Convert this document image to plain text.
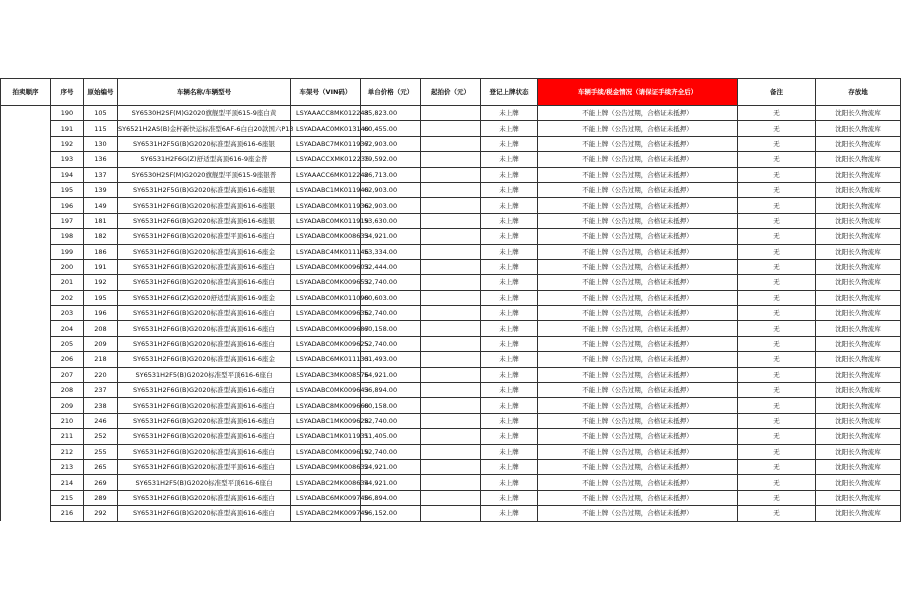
拍卖顺序	序号	原始编号	车辆名称/车辆型号	车架号（VIN码）	单台价格（元）	起拍价（元）	登记上牌状态	车辆手续/税金情况（请保证手续齐全后）	备注	存放地
	190	105	SY6530H2SF(M)G2020旗舰型平顶615-9座白黄	LSYAAACC8MK012243	85,823.00		未上牌	不能上牌（公告过期，合格证未抵押）	无	沈阳长久物流库
	191	115	SY6521H2AS(B)金杯新快运标准型6AF-6白白20款国六P13	LSYADAAC0MK013140	60,455.00		未上牌	不能上牌（公告过期，合格证未抵押）	无	沈阳长久物流库
	192	130	SY6531H2F5G(B)G2020标准型高顶616-6座银	LSYADABC7MK011937	62,903.00		未上牌	不能上牌（公告过期，合格证未抵押）	无	沈阳长久物流库
	193	136	SY6531H2F6G(Z)舒适型高顶616-9座金普	LSYADACCXMK012235	79,592.00		未上牌	不能上牌（公告过期，合格证未抵押）	无	沈阳长久物流库
	194	137	SY6530H2SF(M)G2020旗舰型平顶615-9座银普	LSYAAACC6MK012242	86,713.00		未上牌	不能上牌（公告过期，合格证未抵押）	无	沈阳长久物流库
	195	139	SY6531H2F5G(B)G2020标准型高顶616-6座银	LSYADABC1MK011940	62,903.00		未上牌	不能上牌（公告过期，合格证未抵押）	无	沈阳长久物流库
	196	149	SY6531H2F6G(B)G2020标准型高顶616-6座银	LSYADABC0MK011936	62,903.00		未上牌	不能上牌（公告过期，合格证未抵押）	无	沈阳长久物流库
	197	181	SY6531H2F6G(B)G2020标准型高顶616-6座银	LSYADABC0MK011919	53,630.00		未上牌	不能上牌（公告过期，合格证未抵押）	无	沈阳长久物流库
	198	182	SY6531H2F6G(B)G2020标准型平顶616-6座白	LSYADABC0MK008633	54,921.00		未上牌	不能上牌（公告过期，合格证未抵押）	无	沈阳长久物流库
	199	186	SY6531H2F6G(B)G2020标准型高顶616-6座金	LSYADABC4MK011146	53,334.00		未上牌	不能上牌（公告过期，合格证未抵押）	无	沈阳长久物流库
	200	191	SY6531H2F6G(B)G2020标准型高顶616-6座白	LSYADABC0MK009603	52,444.00		未上牌	不能上牌（公告过期，合格证未抵押）	无	沈阳长久物流库
	201	192	SY6531H2F6G(B)G2020标准型高顶616-6座白	LSYADABC0MK009653	52,740.00		未上牌	不能上牌（公告过期，合格证未抵押）	无	沈阳长久物流库
	202	195	SY6531H2F6G(Z)G2020舒适型高顶616-9座金	LSYADABC0MK011090	60,603.00		未上牌	不能上牌（公告过期，合格证未抵押）	无	沈阳长久物流库
	203	196	SY6531H2F6G(B)G2020标准型高顶616-6座白	LSYADABC0MK009636	52,740.00		未上牌	不能上牌（公告过期，合格证未抵押）	无	沈阳长久物流库
	204	208	SY6531H2F6G(B)G2020标准型高顶616-6座白	LSYADABC0MK009687	60,158.00		未上牌	不能上牌（公告过期，合格证未抵押）	无	沈阳长久物流库
	205	209	SY6531H2F6G(B)G2020标准型高顶616-6座白	LSYADABC0MK009625	52,740.00		未上牌	不能上牌（公告过期，合格证未抵押）	无	沈阳长久物流库
	206	218	SY6531H2F6G(B)G2020标准型高顶616-6座金	LSYADABC6MK011133	61,493.00		未上牌	不能上牌（公告过期，合格证未抵押）	无	沈阳长久物流库
	207	220	SY6531H2F5(B)G2020标准型平顶616-6座白	LSYADABC3MK008576	54,921.00		未上牌	不能上牌（公告过期，合格证未抵押）	无	沈阳长久物流库
	208	237	SY6531H2F6G(B)G2020标准型高顶616-6座白	LSYADABC0MK009643	56,894.00		未上牌	不能上牌（公告过期，合格证未抵押）	无	沈阳长久物流库
	209	238	SY6531H2F6G(B)G2020标准型高顶616-6座白	LSYADABC8MK009660	60,158.00		未上牌	不能上牌（公告过期，合格证未抵押）	无	沈阳长久物流库
	210	246	SY6531H2F6G(B)G2020标准型高顶616-6座白	LSYADABC1MK009628	52,740.00		未上牌	不能上牌（公告过期，合格证未抵押）	无	沈阳长久物流库
	211	252	SY6531H2F6G(B)G2020标准型高顶616-6座白	LSYADABC1MK011931	51,405.00		未上牌	不能上牌（公告过期，合格证未抵押）	无	沈阳长久物流库
	212	255	SY6531H2F6G(B)G2020标准型高顶616-6座白	LSYADABC0MK009619	52,740.00		未上牌	不能上牌（公告过期，合格证未抵押）	无	沈阳长久物流库
	213	265	SY6531H2F6G(B)G2020标准型平顶616-6座白	LSYADABC9MK008632	54,921.00		未上牌	不能上牌（公告过期，合格证未抵押）	无	沈阳长久物流库
	214	269	SY6531H2F5(B)G2020标准型平顶616-6座白	LSYADABC2MK008634	54,921.00		未上牌	不能上牌（公告过期，合格证未抵押）	无	沈阳长久物流库
	215	289	SY6531H2F6G(B)G2020标准型高顶616-6座白	LSYADABC6MK009740	56,894.00		未上牌	不能上牌（公告过期，合格证未抵押）	无	沈阳长久物流库
	216	292	SY6531H2F6G(B)G2020标准型高顶616-6座白	LSYADABC2MK009749	56,152.00		未上牌	不能上牌（公告过期，合格证未抵押）	无	沈阳长久物流库
